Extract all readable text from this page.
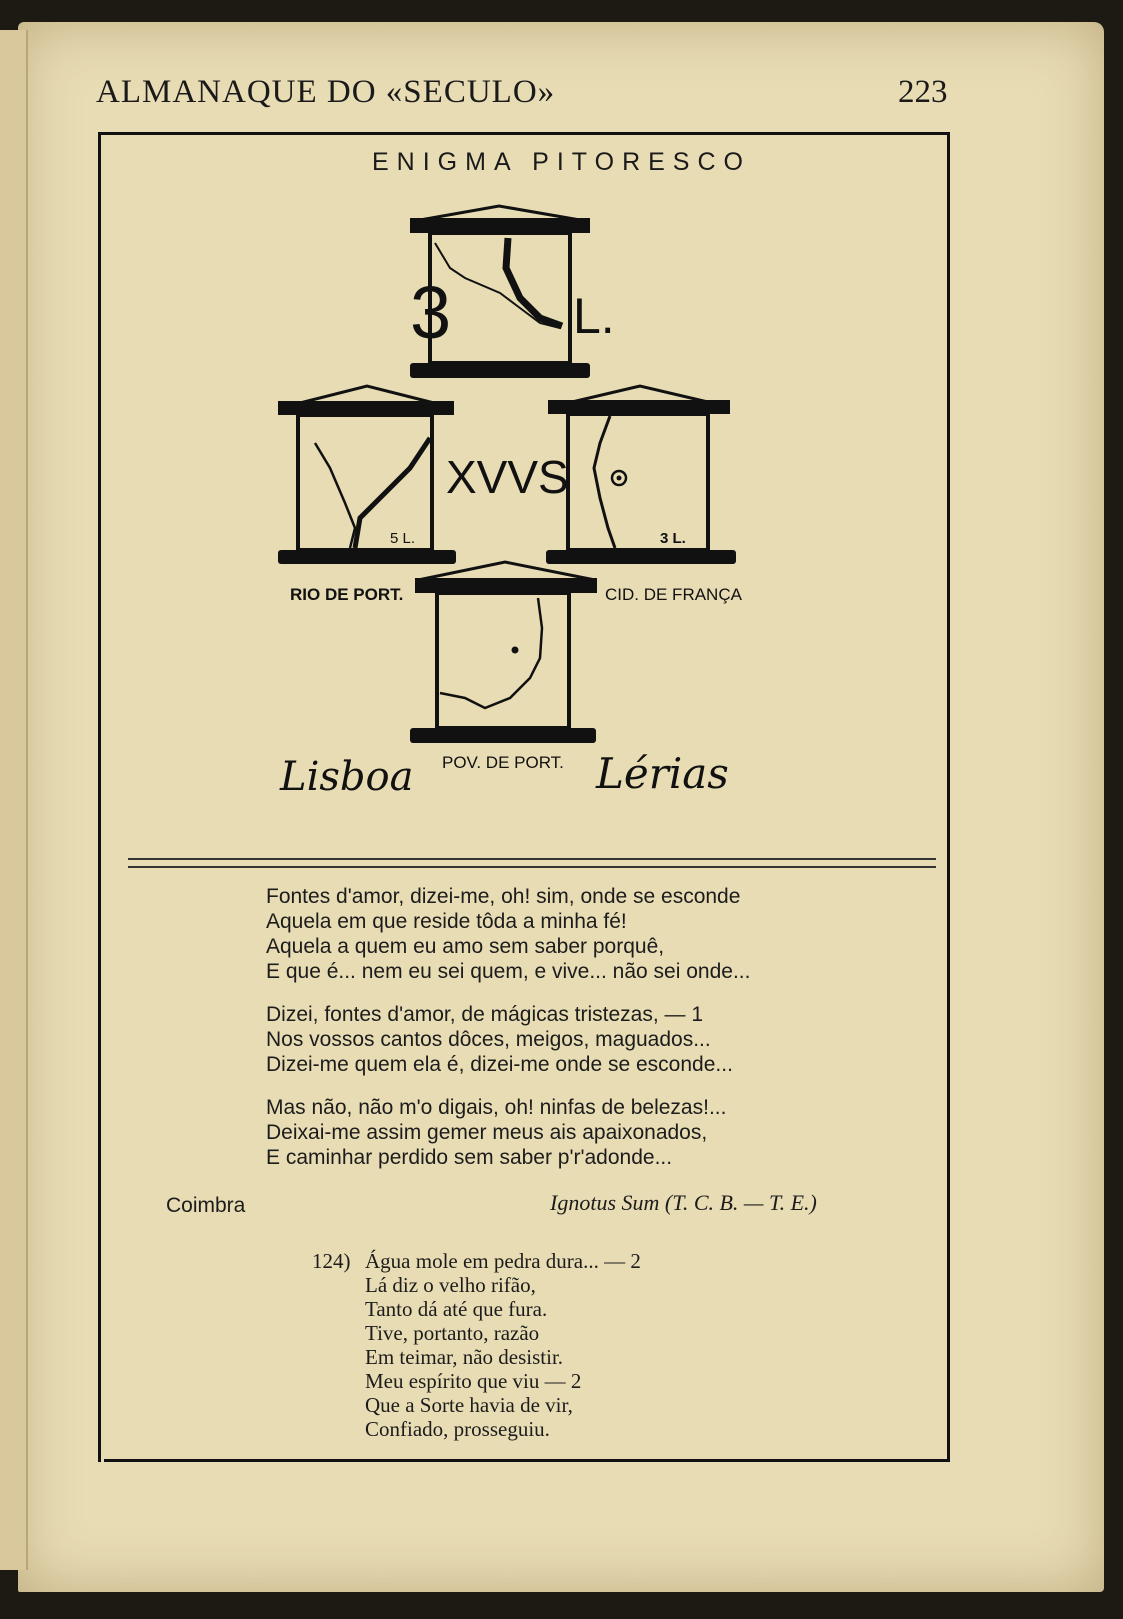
ALMANAQUE DO «SECULO»	223
ENIGMA PITORESCO
3 L.
5 L.
RIO DE PORT.
3 L.
CID. DE FRANÇA
XVVS
POV. DE PORT.
Lisboa	Lérias
Fontes d'amor, dizei-me, oh! sim, onde se esconde
Aquela em que reside tôda a minha fé!
Aquela a quem eu amo sem saber porquê,
E que é... nem eu sei quem, e vive... não sei onde...
Dizei, fontes d'amor, de mágicas tristezas, — 1
Nos vossos cantos dôces, meigos, maguados...
Dizei-me quem ela é, dizei-me onde se esconde...
Mas não, não m'o digais, oh! ninfas de belezas!...
Deixai-me assim gemer meus ais apaixonados,
E caminhar perdido sem saber p'r'adonde...
Coimbra	Ignotus Sum (T. C. B. — T. E.)
124) Água mole em pedra dura... — 2
Lá diz o velho rifão,
Tanto dá até que fura.
Tive, portanto, razão
Em teimar, não desistir.
Meu espírito que viu — 2
Que a Sorte havia de vir,
Confiado, prosseguiu.
